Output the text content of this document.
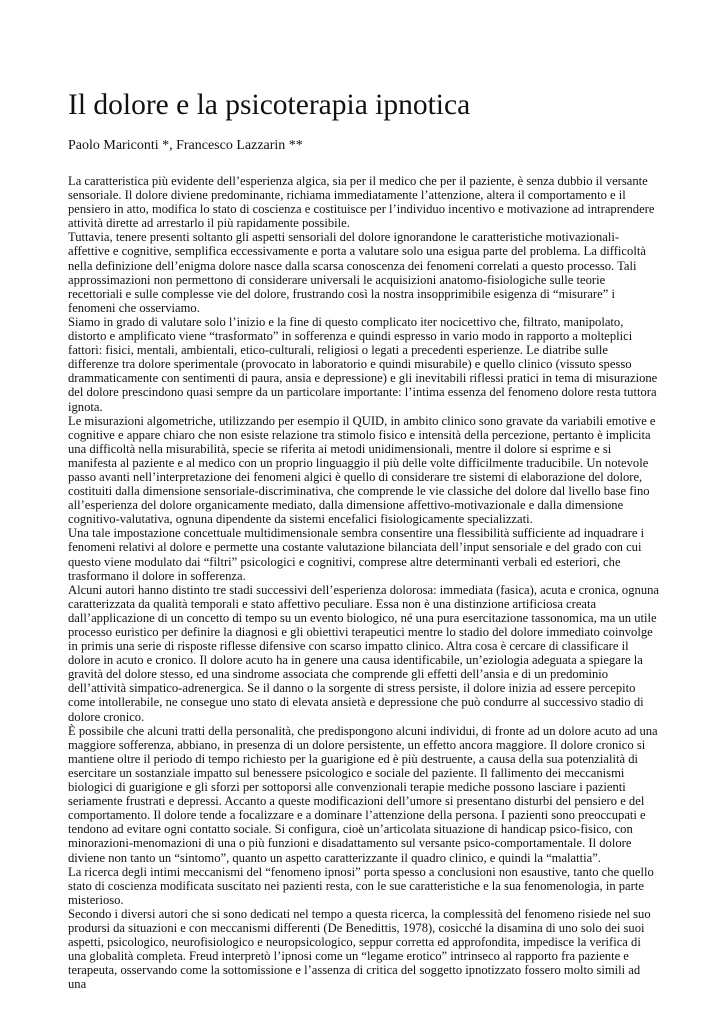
Il dolore e la psicoterapia ipnotica
Paolo Mariconti *, Francesco Lazzarin **

La caratteristica più evidente dell’esperienza algica, sia per il medico che per il paziente, è senza dubbio il versante sensoriale. Il dolore diviene predominante, richiama immediatamente l’attenzione, altera il comportamento e il pensiero in atto, modifica lo stato di coscienza e costituisce per l’individuo incentivo e motivazione ad intraprendere attività dirette ad arrestarlo il più rapidamente possibile.

Tuttavia, tenere presenti soltanto gli aspetti sensoriali del dolore ignorandone le caratteristiche motivazionali-affettive e cognitive, semplifica eccessivamente e porta a valutare solo una esigua parte del problema. La difficoltà nella definizione dell’enigma dolore nasce dalla scarsa conoscenza dei fenomeni correlati a questo processo. Tali approssimazioni non permettono di considerare universali le acquisizioni anatomo-fisiologiche sulle teorie recettoriali e sulle complesse vie del dolore, frustrando così la nostra insopprimibile esigenza di “misurare” i fenomeni che osserviamo.

Siamo in grado di valutare solo l’inizio e la fine di questo complicato iter nocicettivo che, filtrato, manipolato, distorto e amplificato viene “trasformato” in sofferenza e quindi espresso in vario modo in rapporto a molteplici fattori: fisici, mentali, ambientali, etico-culturali, religiosi o legati a precedenti esperienze. Le diatribe sulle differenze tra dolore sperimentale (provocato in laboratorio e quindi misurabile) e quello clinico (vissuto spesso drammaticamente con sentimenti di paura, ansia e depressione) e gli inevitabili riflessi pratici in tema di misurazione del dolore prescindono quasi sempre da un particolare importante: l’intima essenza del fenomeno dolore resta tuttora ignota.

Le misurazioni algometriche, utilizzando per esempio il QUID, in ambito clinico sono gravate da variabili emotive e cognitive e appare chiaro che non esiste relazione tra stimolo fisico e intensità della percezione, pertanto è implicita una difficoltà nella misurabilità, specie se riferita ai metodi unidimensionali, mentre il dolore si esprime e si manifesta al paziente e al medico con un proprio linguaggio il più delle volte difficilmente traducibile. Un notevole passo avanti nell’interpretazione dei fenomeni algici è quello di considerare tre sistemi di elaborazione del dolore, costituiti dalla dimensione sensoriale-discriminativa, che comprende le vie classiche del dolore dal livello base fino all’esperienza del dolore organicamente mediato, dalla dimensione affettivo-motivazionale e dalla dimensione cognitivo-valutativa, ognuna dipendente da sistemi encefalici fisiologicamente specializzati.

Una tale impostazione concettuale multidimensionale sembra consentire una flessibilità sufficiente ad inquadrare i fenomeni relativi al dolore e permette una costante valutazione bilanciata dell’input sensoriale e del grado con cui questo viene modulato dai “filtri” psicologici e cognitivi, comprese altre determinanti verbali ed esteriori, che trasformano il dolore in sofferenza.

Alcuni autori hanno distinto tre stadi successivi dell’esperienza dolorosa: immediata (fasica), acuta e cronica, ognuna caratterizzata da qualità temporali e stato affettivo peculiare. Essa non è una distinzione artificiosa creata dall’applicazione di un concetto di tempo su un evento biologico, né una pura esercitazione tassonomica, ma un utile processo euristico per definire la diagnosi e gli obiettivi terapeutici mentre lo stadio del dolore immediato coinvolge in primis una serie di risposte riflesse difensive con scarso impatto clinico. Altra cosa è cercare di classificare il dolore in acuto e cronico. Il dolore acuto ha in genere una causa identificabile, un’eziologia adeguata a spiegare la gravità del dolore stesso, ed una sindrome associata che comprende gli effetti dell’ansia e di un predominio dell’attività simpatico-adrenergica. Se il danno o la sorgente di stress persiste, il dolore inizia ad essere percepito come intollerabile, ne consegue uno stato di elevata ansietà e depressione che può condurre al successivo stadio di dolore cronico.

È possibile che alcuni tratti della personalità, che predispongono alcuni individui, di fronte ad un dolore acuto ad una maggiore sofferenza, abbiano, in presenza di un dolore persistente, un effetto ancora maggiore. Il dolore cronico si mantiene oltre il periodo di tempo richiesto per la guarigione ed è più destruente, a causa della sua potenzialità di esercitare un sostanziale impatto sul benessere psicologico e sociale del paziente. Il fallimento dei meccanismi biologici di guarigione e gli sforzi per sottoporsi alle convenzionali terapie mediche possono lasciare i pazienti seriamente frustrati e depressi. Accanto a queste modificazioni dell’umore si presentano disturbi del pensiero e del comportamento. Il dolore tende a focalizzare e a dominare l’attenzione della persona. I pazienti sono preoccupati e tendono ad evitare ogni contatto sociale. Si configura, cioè un’articolata situazione di handicap psico-fisico, con minorazioni-menomazioni di una o più funzioni e disadattamento sul versante psico-comportamentale. Il dolore diviene non tanto un “sintomo”, quanto un aspetto caratterizzante il quadro clinico, e quindi la “malattia”.

La ricerca degli intimi meccanismi del “fenomeno ipnosi” porta spesso a conclusioni non esaustive, tanto che quello stato di coscienza modificata suscitato nei pazienti resta, con le sue caratteristiche e la sua fenomenologia, in parte misterioso.

Secondo i diversi autori che si sono dedicati nel tempo a questa ricerca, la complessità del fenomeno risiede nel suo prodursi da situazioni e con meccanismi differenti (De Benedittis, 1978), cosicché la disamina di uno solo dei suoi aspetti, psicologico, neurofisiologico e neuropsicologico, seppur corretta ed approfondita, impedisce la verifica di una globalità completa. Freud interpretò l’ipnosi come un “legame erotico” intrinseco al rapporto fra paziente e terapeuta, osservando come la sottomissione e l’assenza di critica del soggetto ipnotizzato fossero molto simili ad una
